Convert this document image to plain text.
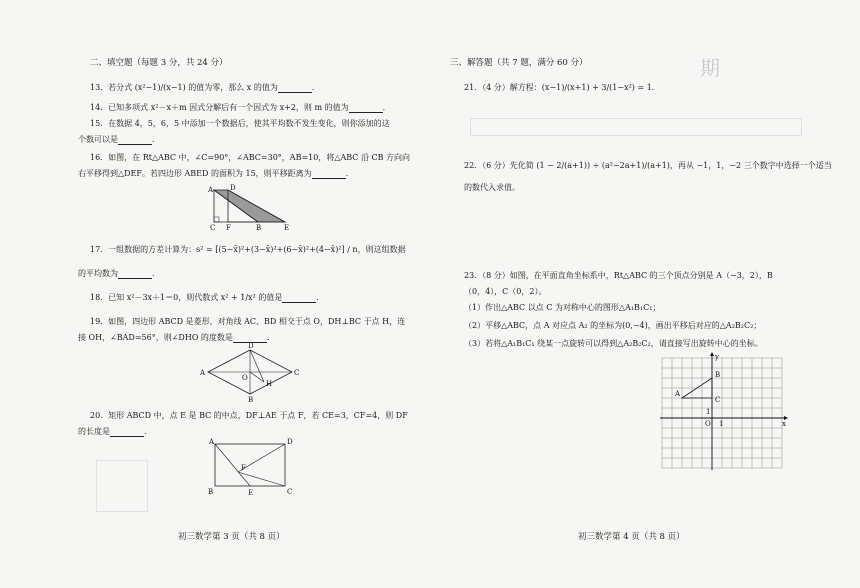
二、填空题（每题 3 分，共 24 分）
13．若分式 (x²−1)/(x−1) 的值为零，那么 x 的值为	．
14．已知多项式 x²－x＋m 因式分解后有一个因式为 x+2，则 m 的值为	．
15．在数据 4，5，6，5 中添加一个数据后，使其平均数不发生变化，则你添加的这
个数可以是	．
16．如图，在 Rt△ABC 中，∠C=90°，∠ABC=30°，AB=10，将△ABC 沿 CB 方向向
右平移得到△DEF。若四边形 ABED 的面积为 15，则平移距离为	．
A D
C F	B	E
17．一组数据的方差计算为：s² = [(5−x̄)²+(3−x̄)²+(6−x̄)²+(4−x̄)²] / n，则这组数据
的平均数为	．
18．已知 x²－3x＋1＝0，则代数式 x² + 1/x² 的值是	．
19．如图，四边形 ABCD 是菱形，对角线 AC、BD 相交于点 O，DH⊥BC 于点 H，连
接 OH，∠BAD=56°，则∠DHO 的度数是	．
A
D
B
C
O
H
20．矩形 ABCD 中，点 E 是 BC 的中点，DF⊥AE 于点 F，若 CE=3，CF=4，则 DF
的长度是	．
A	D
F
B	E	C
初三数学第 3 页（共 8 页）
期
三、解答题（共 7 题，满分 60 分）
21．（4 分）解方程：(x−1)/(x+1) + 3/(1−x²) = 1．
22．（6 分）先化简 (1 − 2/(a+1)) ÷ (a²−2a+1)/(a+1)，再从 −1，1，−2 三个数字中选择一个适当
的数代入求值。
23．（8 分）如图，在平面直角坐标系中，Rt△ABC 的三个顶点分别是 A（−3，2），B
（0，4），C（0，2）。
（1）作出△ABC 以点 C 为对称中心的图形△A₁B₁C₁；
（2）平移△ABC，点 A 对应点 A₂ 的坐标为(0,−4)，画出平移后对应的△A₂B₂C₂；
（3）若将△A₁B₁C₁ 绕某一点旋转可以得到△A₂B₂C₂，请直接写出旋转中心的坐标。
y
x
A
B
C
O
1
1
初三数学第 4 页（共 8 页）
